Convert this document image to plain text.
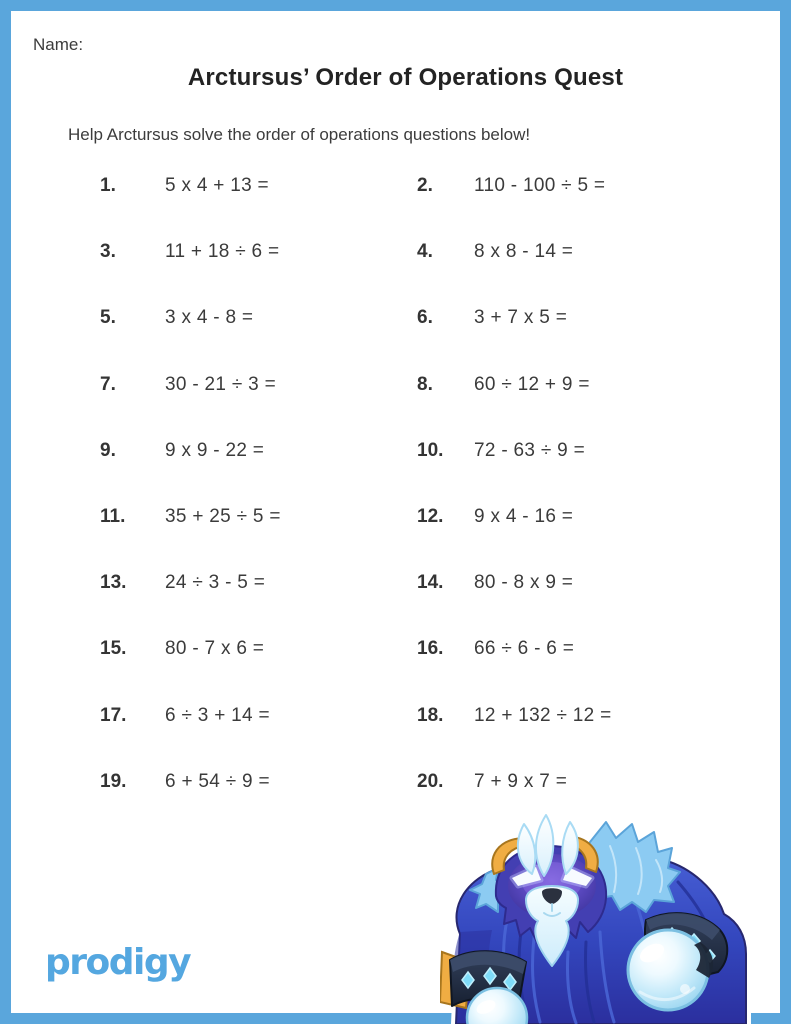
Name:
Arctursus’ Order of Operations Quest

Help Arctursus solve the order of operations questions below!

1.	5 x 4 + 13 =	2.	110 - 100 ÷ 5 =
3.	11 + 18 ÷ 6 =	4.	8 x 8 - 14 =
5.	3 x 4 - 8 =	6.	3 + 7 x 5 =
7.	30 - 21 ÷ 3 =	8.	60 ÷ 12 + 9 =
9.	9 x 9 - 22 =	10.	72 - 63 ÷ 9 =
11.	35 + 25 ÷ 5 =	12.	9 x 4 - 16 =
13.	24 ÷ 3 - 5 =	14.	80 - 8 x 9 =
15.	80 - 7 x 6 =	16.	66 ÷ 6 - 6 =
17.	6 ÷ 3 + 14 =	18.	12 + 132 ÷ 12 =
19.	6 + 54 ÷ 9 =	20.	7 + 9 x 7 =
prodigy
